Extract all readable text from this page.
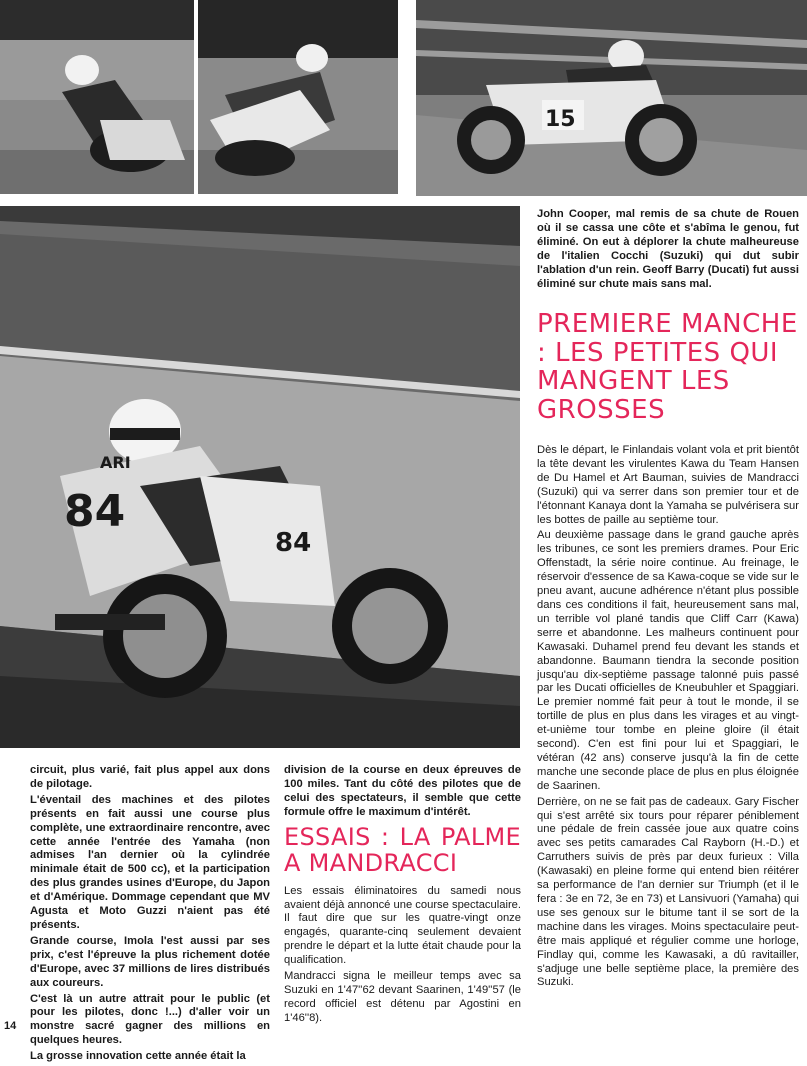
15
84
84
ARI

John Cooper, mal remis de sa chute de Rouen où il se cassa une côte et s'abîma le genou, fut éliminé. On eut à déplorer la chute malheureuse de l'italien Cocchi (Suzuki) qui dut subir l'ablation d'un rein. Geoff Barry (Ducati) fut aussi éliminé sur chute mais sans mal.

PREMIERE MANCHE : LES PETITES QUI MANGENT LES GROSSES

Dès le départ, le Finlandais volant vola et prit bientôt la tête devant les virulentes Kawa du Team Hansen de Du Hamel et Art Bauman, suivies de Mandracci (Suzuki) qui va serrer dans son premier tour et de l'étonnant Kanaya dont la Yamaha se pulvérisera sur les bottes de paille au septième tour.

Au deuxième passage dans le grand gauche après les tribunes, ce sont les premiers drames. Pour Eric Offenstadt, la série noire continue. Au freinage, le réservoir d'essence de sa Kawa-coque se vide sur le pneu avant, aucune adhérence n'étant plus possible dans ces conditions il fait, heureusement sans mal, un terrible vol plané tandis que Cliff Carr (Kawa) serre et abandonne. Les malheurs continuent pour Kawasaki. Duhamel prend feu devant les stands et abandonne. Baumann tiendra la seconde position jusqu'au dix-septième passage talonné puis passé par les Ducati officielles de Kneubuhler et Spaggiari. Le premier nommé fait peur à tout le monde, il se tortille de plus en plus dans les virages et au vingt-et-unième tour tombe en pleine gloire (il était second). C'en est fini pour lui et Spaggiari, le vétéran (42 ans) conserve jusqu'à la fin de cette manche une seconde place de plus en plus éloignée de Saarinen.

Derrière, on ne se fait pas de cadeaux. Gary Fischer qui s'est arrêté six tours pour réparer péniblement une pédale de frein cassée joue aux quatre coins avec ses petits camarades Cal Rayborn (H.-D.) et Carruthers suivis de près par deux furieux : Villa (Kawasaki) en pleine forme qui entend bien réitérer sa performance de l'an dernier sur Triumph (et il le fera : 3e en 72, 3e en 73) et Lansivuori (Yamaha) qui use ses genoux sur le bitume tant il se sort de la machine dans les virages. Moins spectaculaire peut-être mais appliqué et régulier comme une horloge, Findlay qui, comme les Kawasaki, a dû ravitailler, s'adjuge une belle septième place, la première des Suzuki.

circuit, plus varié, fait plus appel aux dons de pilotage.

L'éventail des machines et des pilotes présents en fait aussi une course plus complète, une extraordinaire rencontre, avec cette année l'entrée des Yamaha (non admises l'an dernier où la cylindrée minimale était de 500 cc), et la participation des plus grandes usines d'Europe, du Japon et d'Amérique. Dommage cependant que MV Agusta et Moto Guzzi n'aient pas été présents.

Grande course, Imola l'est aussi par ses prix, c'est l'épreuve la plus richement dotée d'Europe, avec 37 millions de lires distribués aux coureurs.

C'est là un autre attrait pour le public (et pour les pilotes, donc !...) d'aller voir un monstre sacré gagner des millions en quelques heures.

La grosse innovation cette année était la

division de la course en deux épreuves de 100 miles. Tant du côté des pilotes que de celui des spectateurs, il semble que cette formule offre le maximum d'intérêt.

ESSAIS : LA PALME A MANDRACCI

Les essais éliminatoires du samedi nous avaient déjà annoncé une course spectaculaire. Il faut dire que sur les quatre-vingt onze engagés, quarante-cinq seulement devaient prendre le départ et la lutte était chaude pour la qualification.

Mandracci signa le meilleur temps avec sa Suzuki en 1'47''62 devant Saarinen, 1'49''57 (le record officiel est détenu par Agostini en 1'46''8).

14
